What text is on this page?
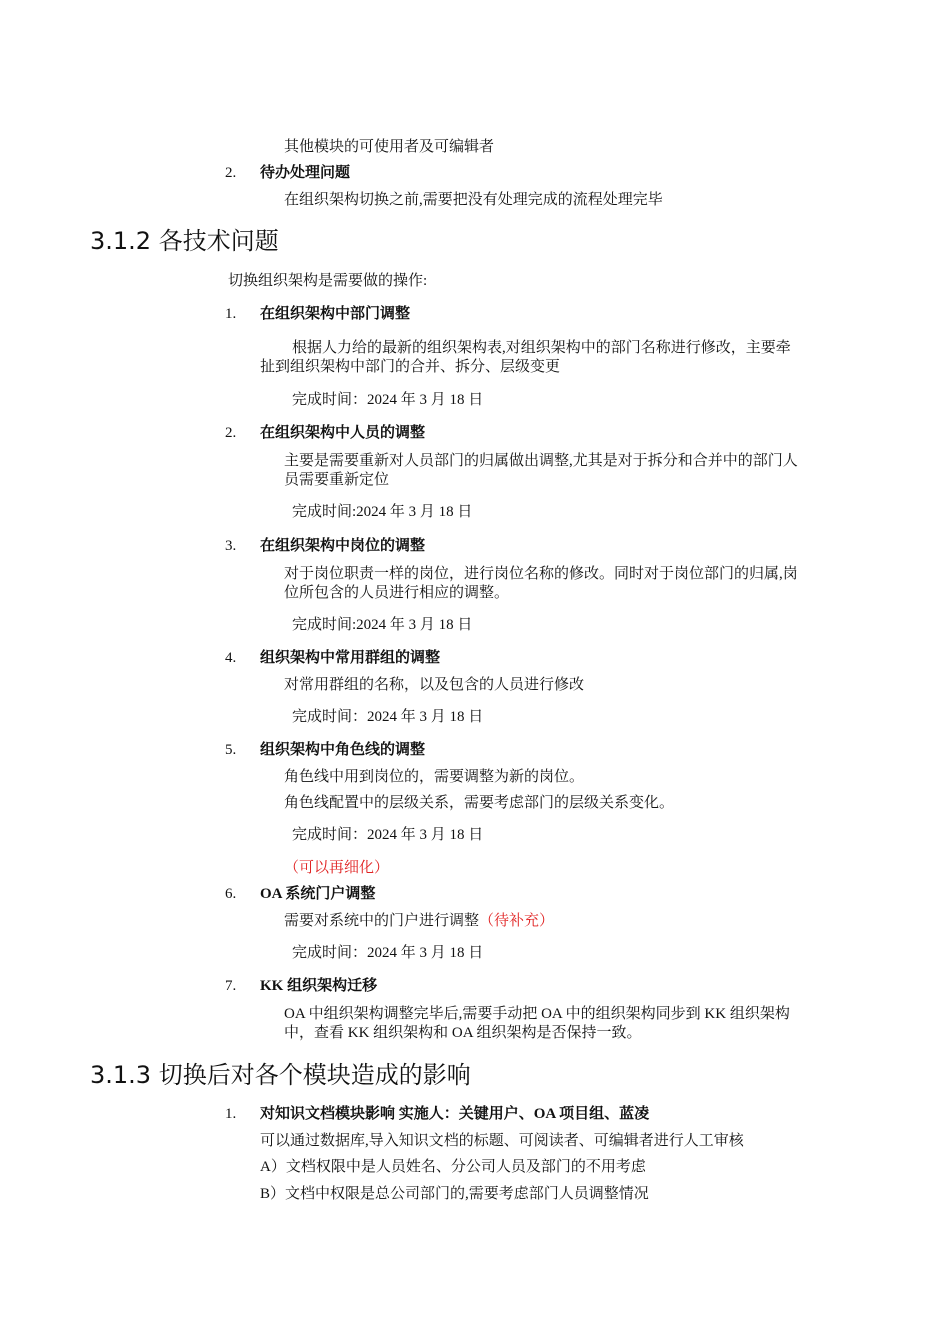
其他模块的可使用者及可编辑者
2. 待办处理问题
在组织架构切换之前,需要把没有处理完成的流程处理完毕
3.1.2 各技术问题
切换组织架构是需要做的操作:
1. 在组织架构中部门调整
根据人力给的最新的组织架构表,对组织架构中的部门名称进行修改，主要牵
扯到组织架构中部门的合并、拆分、层级变更
完成时间：2024 年 3 月 18 日
2. 在组织架构中人员的调整
主要是需要重新对人员部门的归属做出调整,尤其是对于拆分和合并中的部门人
员需要重新定位
完成时间:2024 年 3 月 18 日
3. 在组织架构中岗位的调整
对于岗位职责一样的岗位，进行岗位名称的修改。同时对于岗位部门的归属,岗
位所包含的人员进行相应的调整。
完成时间:2024 年 3 月 18 日
4. 组织架构中常用群组的调整
对常用群组的名称，以及包含的人员进行修改
完成时间：2024 年 3 月 18 日
5. 组织架构中角色线的调整
角色线中用到岗位的，需要调整为新的岗位。
角色线配置中的层级关系，需要考虑部门的层级关系变化。
完成时间：2024 年 3 月 18 日
（可以再细化）
6. OA 系统门户调整
需要对系统中的门户进行调整（待补充）
完成时间：2024 年 3 月 18 日
7. KK 组织架构迁移
OA 中组织架构调整完毕后,需要手动把 OA 中的组织架构同步到 KK 组织架构
中，查看 KK 组织架构和 OA 组织架构是否保持一致。
3.1.3 切换后对各个模块造成的影响
1. 对知识文档模块影响 实施人：关键用户、OA 项目组、蓝凌
可以通过数据库,导入知识文档的标题、可阅读者、可编辑者进行人工审核
A）文档权限中是人员姓名、分公司人员及部门的不用考虑
B）文档中权限是总公司部门的,需要考虑部门人员调整情况
